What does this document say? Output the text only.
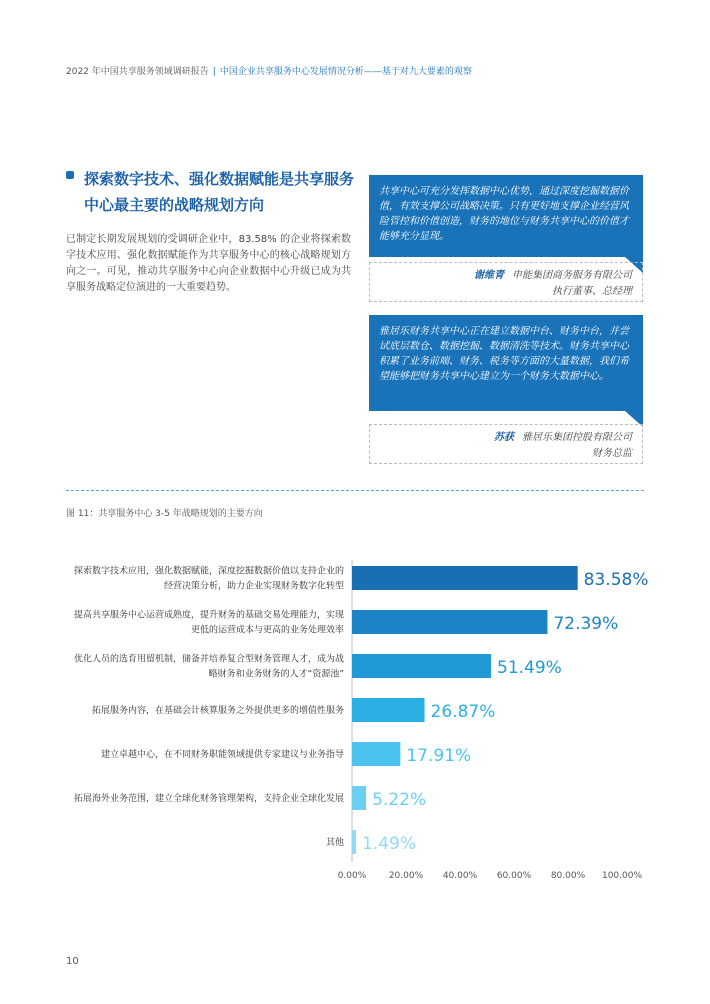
2022 年中国共享服务领域调研报告 | 中国企业共享服务中心发展情况分析——基于对九大要素的观察
探索数字技术、强化数据赋能是共享服务中心最主要的战略规划方向
已制定长期发展规划的受调研企业中，83.58% 的企业将探索数字技术应用、强化数据赋能作为共享服务中心的核心战略规划方向之一。可见，推动共享服务中心向企业数据中心升级已成为共享服务战略定位演进的一大重要趋势。
共享中心可充分发挥数据中心优势，通过深度挖掘数据价值，有效支撑公司战略决策。只有更好地支撑企业经营风险管控和价值创造，财务的地位与财务共享中心的价值才能够充分显现。
谢维青 申能集团商务服务有限公司
执行董事、总经理
雅居乐财务共享中心正在建立数据中台、财务中台，并尝试底层数仓、数据挖掘、数据清洗等技术。财务共享中心积累了业务前端、财务、税务等方面的大量数据，我们希望能够把财务共享中心建立为一个财务大数据中心。
苏获 雅居乐集团控股有限公司
财务总监
图 11：共享服务中心 3-5 年战略规划的主要方向
83.58%
探索数字技术应用，强化数据赋能，深度挖掘数据价值以支持企业的
经营决策分析，助力企业实现财务数字化转型
72.39%
提高共享服务中心运营成熟度，提升财务的基础交易处理能力，实现
更低的运营成本与更高的业务处理效率
51.49%
优化人员的选育用留机制，储备并培养复合型财务管理人才，成为战
略财务和业务财务的人才“资源池”
26.87%
拓展服务内容，在基础会计核算服务之外提供更多的增值性服务
17.91%
建立卓越中心，在不同财务职能领域提供专家建议与业务指导
5.22%
拓展海外业务范围，建立全球化财务管理架构，支持企业全球化发展
1.49%
其他
0.00%	20.00% 40.00% 60.00% 80.00% 100.00%
10
